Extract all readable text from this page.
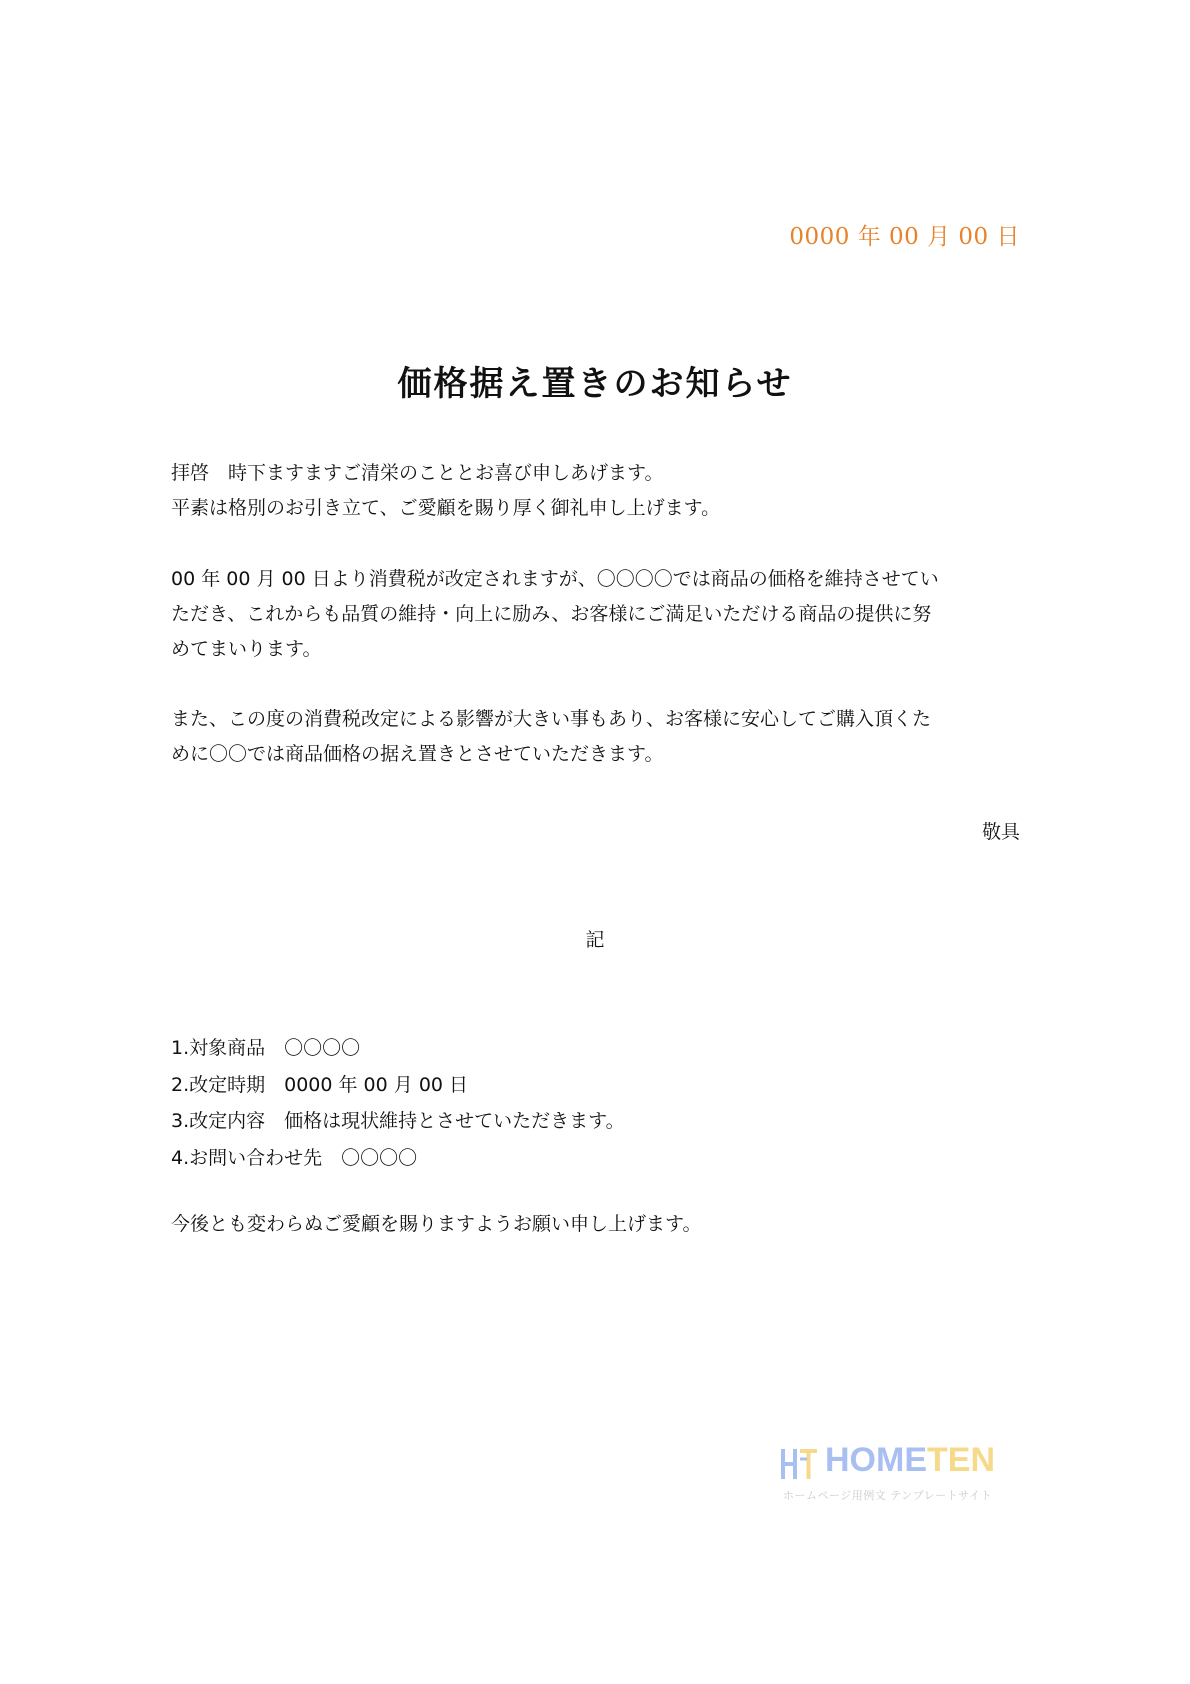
0000 年 00 月 00 日
価格据え置きのお知らせ

拝啓　時下ますますご清栄のこととお喜び申しあげます。

平素は格別のお引き立て、ご愛顧を賜り厚く御礼申し上げます。

00 年 00 月 00 日より消費税が改定されますが、〇〇〇〇では商品の価格を維持させてい

ただき、これからも品質の維持・向上に励み、お客様にご満足いただける商品の提供に努

めてまいります。

また、この度の消費税改定による影響が大きい事もあり、お客様に安心してご購入頂くた

めに〇〇では商品価格の据え置きとさせていただきます。

敬具
記
1.対象商品　〇〇〇〇
2.改定時期　0000 年 00 月 00 日
3.改定内容　価格は現状維持とさせていただきます。
4.お問い合わせ先　〇〇〇〇
今後とも変わらぬご愛顧を賜りますようお願い申し上げます。
HOMETEN
ホームページ用例文 テンプレートサイト
